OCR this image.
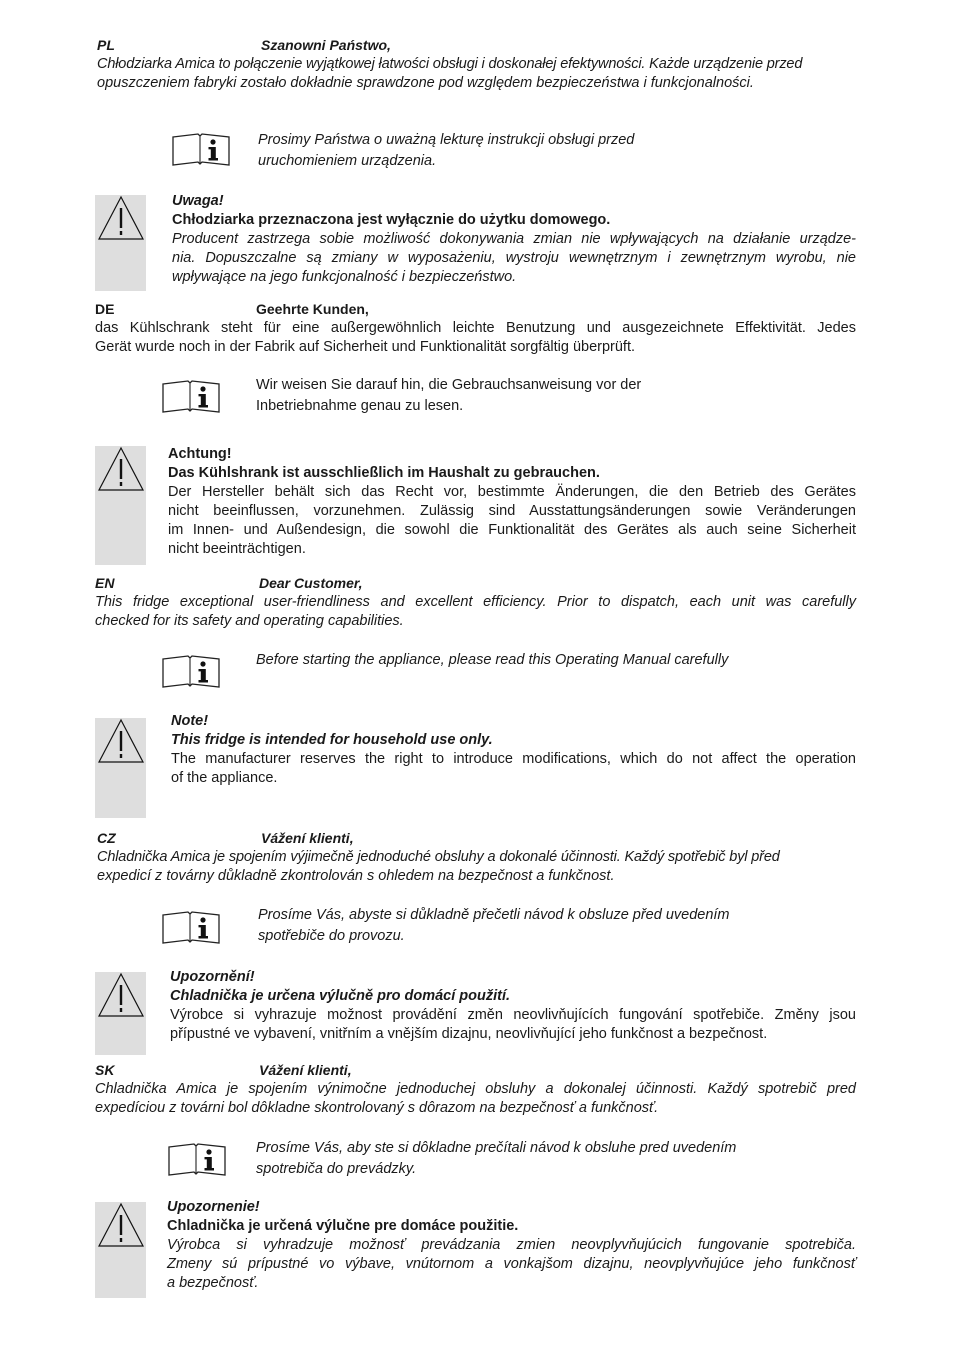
PL	Szanowni Państwo,
Chłodziarka Amica to połączenie wyjątkowej łatwości obsługi i doskonałej efektywności. Każde urządzenie przed
opuszczeniem fabryki zostało dokładnie sprawdzone pod względem bezpieczeństwa i funkcjonalności.
Prosimy Państwa o uważną lekturę instrukcji obsługi przed
uruchomieniem urządzenia.
Uwaga!
Chłodziarka przeznaczona jest wyłącznie do użytku domowego.
Producent zastrzega sobie możliwość dokonywania zmian nie wpływających na działanie urządze-
nia. Dopuszczalne są zmiany w wyposażeniu, wystroju wewnętrznym i zewnętrznym wyrobu, nie
wpływające na jego funkcjonalność i bezpieczeństwo.
DE	Geehrte Kunden,
das Kühlschrank steht für eine außergewöhnlich leichte Benutzung und ausgezeichnete Effektivität. Jedes
Gerät wurde noch in der Fabrik auf Sicherheit und Funktionalität sorgfältig überprüft.
Wir weisen Sie darauf hin, die Gebrauchsanweisung vor der
Inbetriebnahme genau zu lesen.
Achtung!
Das Kühlshrank ist ausschließlich im Haushalt zu gebrauchen.
Der Hersteller behält sich das Recht vor, bestimmte Änderungen, die den Betrieb des Gerätes
nicht beeinflussen, vorzunehmen. Zulässig sind Ausstattungsänderungen sowie Veränderungen
im Innen- und Außendesign, die sowohl die Funktionalität des Gerätes als auch seine Sicherheit
nicht beeinträchtigen.
EN	Dear Customer,
This fridge exceptional user-friendliness and excellent efficiency. Prior to dispatch, each unit was carefully
checked for its safety and operating capabilities.
Before starting the appliance, please read this Operating Manual carefully
Note!
This fridge is intended for household use only.
The manufacturer reserves the right to introduce modifications, which do not affect the operation
of the appliance.
CZ	Vážení klienti,
Chladnička Amica je spojením výjimečně jednoduché obsluhy a dokonalé účinnosti. Každý spotřebič byl před
expedicí z továrny důkladně zkontrolován s ohledem na bezpečnost a funkčnost.
Prosíme Vás, abyste si důkladně přečetli návod k obsluze před uvedením
spotřebiče do provozu.
Upozornění!
Chladnička je určena výlučně pro domácí použití.
Výrobce si vyhrazuje možnost provádění změn neovlivňujících fungování spotřebiče. Změny jsou
přípustné ve vybavení, vnitřním a vnějším dizajnu, neovlivňující jeho funkčnost a bezpečnost.
SK	Vážení klienti,
Chladnička Amica je spojením výnimočne jednoduchej obsluhy a dokonalej účinnosti. Každý spotrebič pred
expedíciou z továrni bol dôkladne skontrolovaný s dôrazom na bezpečnosť a funkčnosť.
Prosíme Vás, aby ste si dôkladne prečítali návod k obsluhe pred uvedením
spotrebiča do prevádzky.
Upozornenie!
Chladnička je určená výlučne pre domáce použitie.
Výrobca si vyhradzuje možnosť prevádzania zmien neovplyvňujúcich fungovanie spotrebiča.
Zmeny sú prípustné vo výbave, vnútornom a vonkajšom dizajnu, neovplyvňujúce jeho funkčnosť
a bezpečnosť.
